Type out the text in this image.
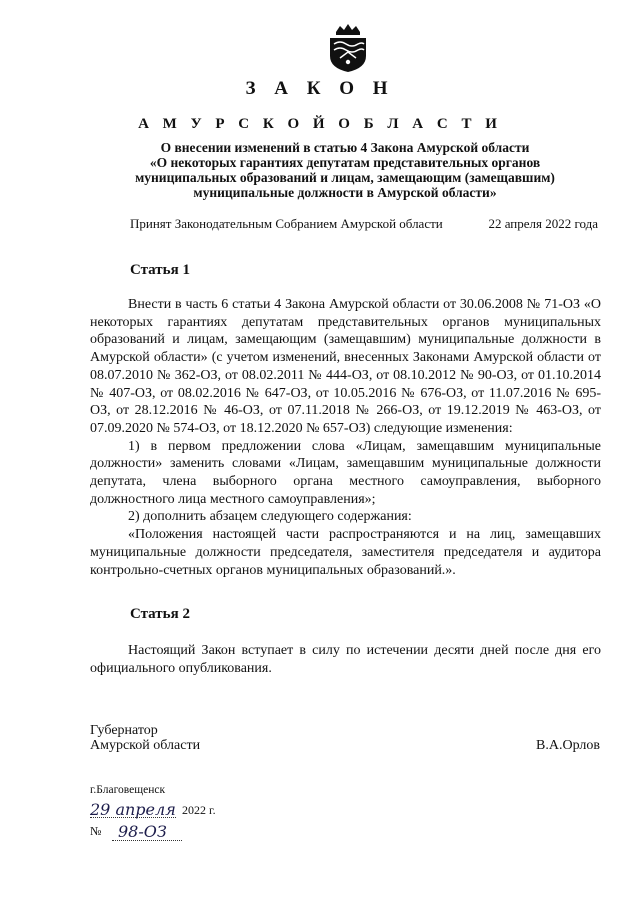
З А К О Н
А М У Р С К О Й О Б Л А С Т И
О внесении изменений в статью 4 Закона Амурской области
«О некоторых гарантиях депутатам представительных органов
муниципальных образований и лицам, замещающим (замещавшим)
муниципальные должности в Амурской области»
Принят Законодательным Собранием Амурской области	22 апреля 2022 года
Статья 1

Внести в часть 6 статьи 4 Закона Амурской области от 30.06.2008 № 71-ОЗ «О некоторых гарантиях депутатам представительных органов муниципальных образований и лицам, замещающим (замещавшим) муниципальные должности в Амурской области» (с учетом изменений, внесенных Законами Амурской области от 08.07.2010 № 362-ОЗ, от 08.02.2011 № 444-ОЗ, от 08.10.2012 № 90-ОЗ, от 01.10.2014 № 407-ОЗ, от 08.02.2016 № 647-ОЗ, от 10.05.2016 № 676-ОЗ, от 11.07.2016 № 695-ОЗ, от 28.12.2016 № 46-ОЗ, от 07.11.2018 № 266-ОЗ, от 19.12.2019 № 463-ОЗ, от 07.09.2020 № 574-ОЗ, от 18.12.2020 № 657-ОЗ) следующие изменения:

1) в первом предложении слова «Лицам, замещавшим муниципальные должности» заменить словами «Лицам, замещавшим муниципальные должности депутата, члена выборного органа местного самоуправления, выборного должностного лица местного самоуправления»;

2) дополнить абзацем следующего содержания:

«Положения настоящей части распространяются и на лиц, замещавших муниципальные должности председателя, заместителя председателя и аудитора контрольно-счетных органов муниципальных образований.».

Статья 2

Настоящий Закон вступает в силу по истечении десяти дней после дня его официального опубликования.

Губернатор
Амурской области	В.А.Орлов
г.Благовещенск
29 апреля 2022 г.
№ 98-ОЗ
